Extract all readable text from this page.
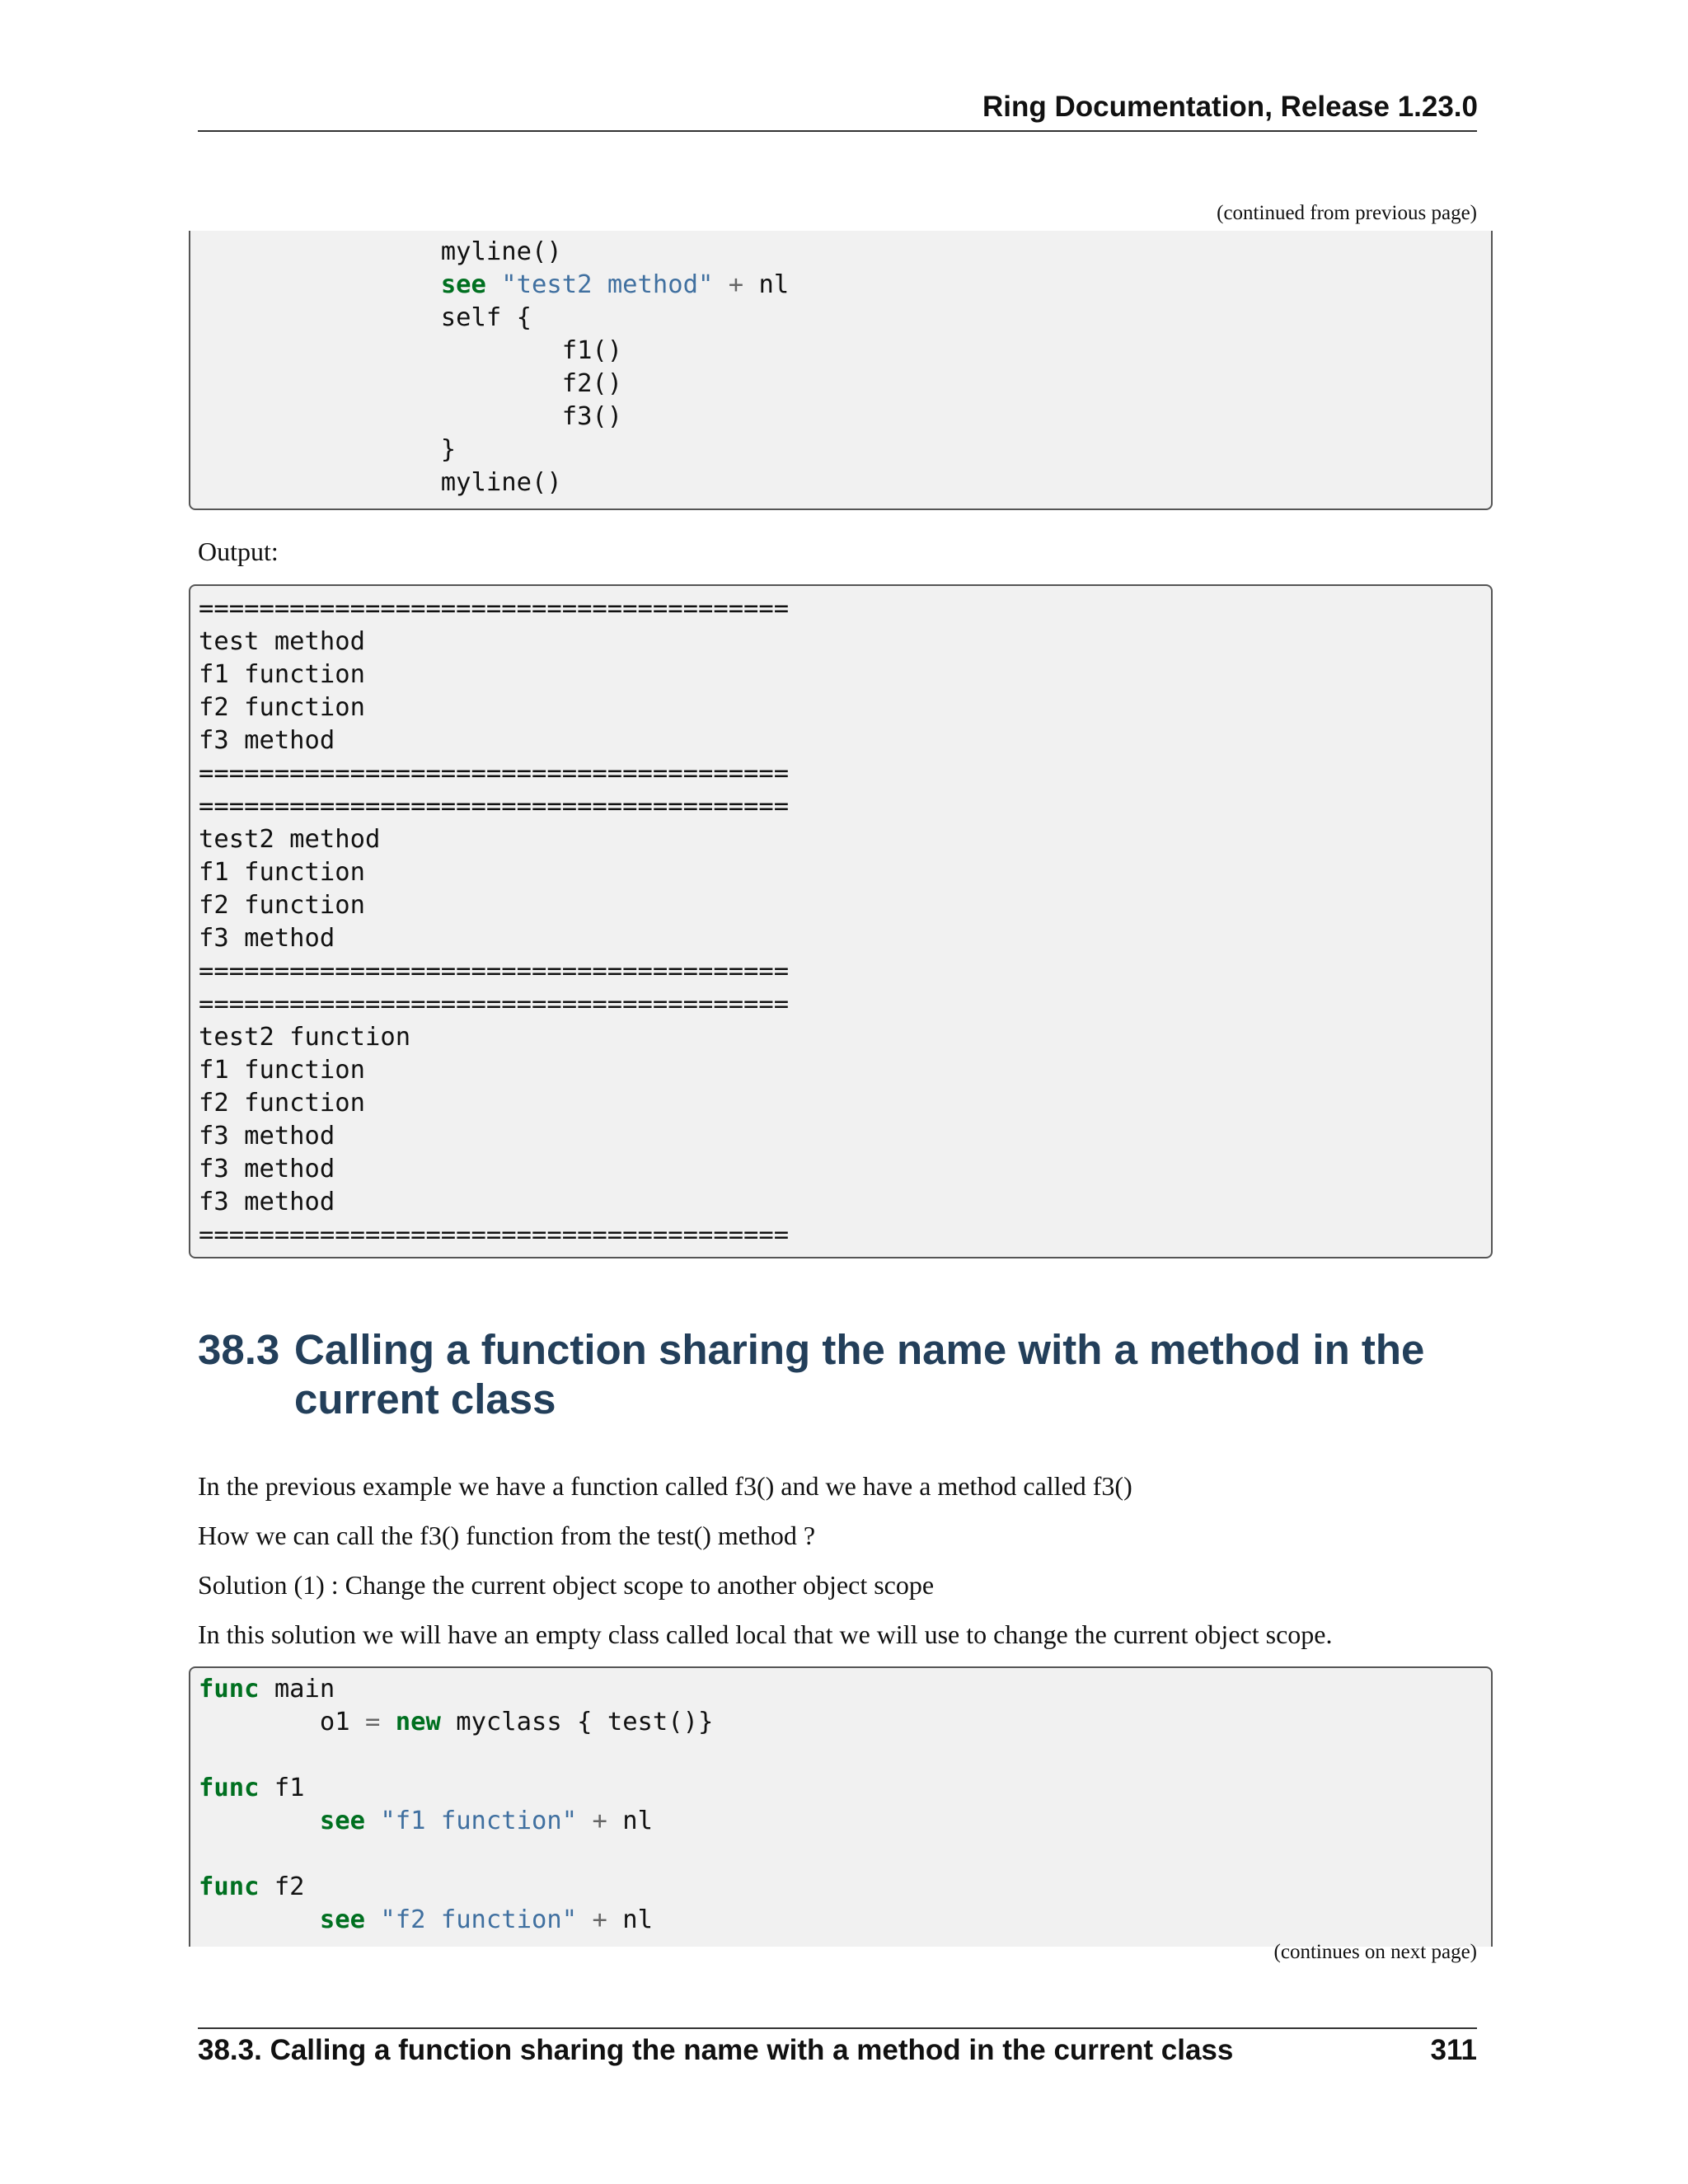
Ring Documentation, Release 1.23.0
(continued from previous page)
myline()
see "test2 method" + nl
self {
f1()
f2()
f3()
}
myline()
Output:
=======================================
test method
f1 function
f2 function
f3 method
=======================================
=======================================
test2 method
f1 function
f2 function
f3 method
=======================================
=======================================
test2 function
f1 function
f2 function
f3 method
f3 method
f3 method
=======================================
38.3 Calling a function sharing the name with a method in the current class
In the previous example we have a function called f3() and we have a method called f3()
How we can call the f3() function from the test() method ?
Solution (1) : Change the current object scope to another object scope
In this solution we will have an empty class called local that we will use to change the current object scope.
func main
o1 = new myclass { test()}
func f1
see "f1 function" + nl
func f2
see "f2 function" + nl
(continues on next page)
38.3. Calling a function sharing the name with a method in the current class	311
